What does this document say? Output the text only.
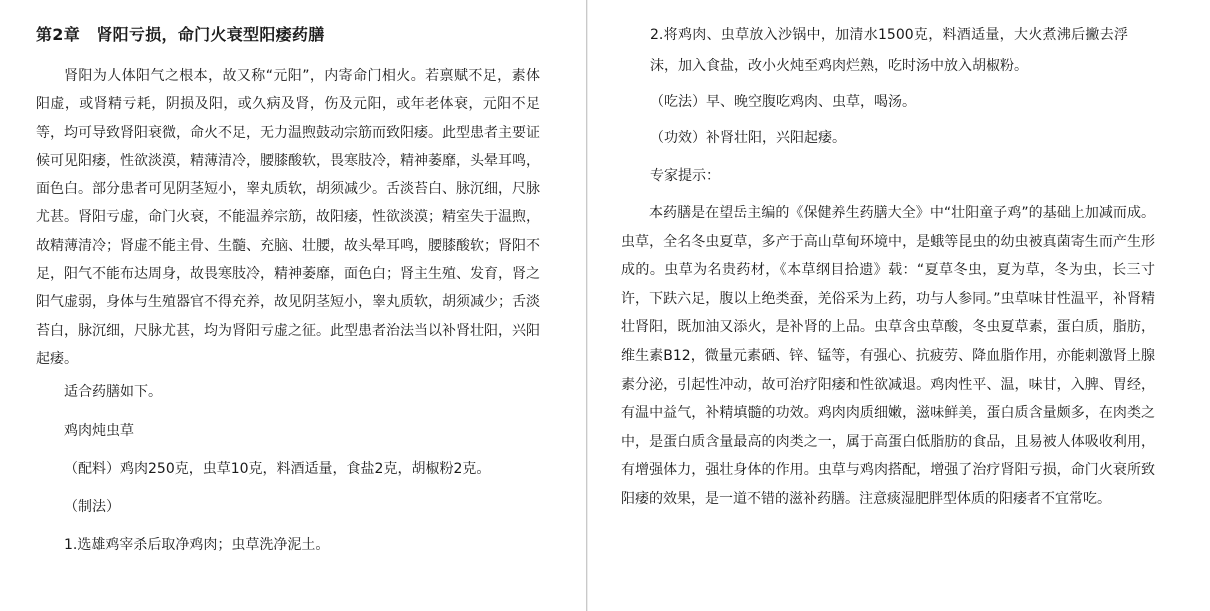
第2章　肾阳亏损，命门火衰型阳痿药膳

肾阳为人体阳气之根本，故又称“元阳”，内寄命门相火。若禀赋不足，素体阳虚，或肾精亏耗，阴损及阳，或久病及肾，伤及元阳，或年老体衰，元阳不足等，均可导致肾阳衰微，命火不足，无力温煦鼓动宗筋而致阳痿。此型患者主要证候可见阳痿，性欲淡漠，精薄清冷，腰膝酸软，畏寒肢冷，精神萎靡，头晕耳鸣，面色白。部分患者可见阴茎短小，睾丸质软，胡须减少。舌淡苔白、脉沉细，尺脉尤甚。肾阳亏虚，命门火衰，不能温养宗筋，故阳痿，性欲淡漠；精室失于温煦，故精薄清冷；肾虚不能主骨、生髓、充脑、壮腰，故头晕耳鸣，腰膝酸软；肾阳不足，阳气不能布达周身，故畏寒肢冷，精神萎靡，面色白；肾主生殖、发育，肾之阳气虚弱，身体与生殖器官不得充养，故见阴茎短小，睾丸质软，胡须减少；舌淡苔白，脉沉细，尺脉尤甚，均为肾阳亏虚之征。此型患者治法当以补肾壮阳，兴阳起痿。

适合药膳如下。

鸡肉炖虫草

（配料）鸡肉250克，虫草10克，料酒适量，食盐2克，胡椒粉2克。

（制法）

1.选雄鸡宰杀后取净鸡肉；虫草洗净泥土。

2.将鸡肉、虫草放入沙锅中，加清水1500克，料酒适量，大火煮沸后撇去浮沫，加入食盐，改小火炖至鸡肉烂熟，吃时汤中放入胡椒粉。

（吃法）早、晚空腹吃鸡肉、虫草，喝汤。

（功效）补肾壮阳，兴阳起痿。

专家提示：

本药膳是在望岳主编的《保健养生药膳大全》中“壮阳童子鸡”的基础上加减而成。虫草，全名冬虫夏草，多产于高山草甸环境中，是蛾等昆虫的幼虫被真菌寄生而产生形成的。虫草为名贵药材，《本草纲目拾遗》载：“夏草冬虫，夏为草，冬为虫，长三寸许，下趺六足，腹以上绝类蚕，羌俗采为上药，功与人参同。”虫草味甘性温平，补肾精壮肾阳，既加油又添火，是补肾的上品。虫草含虫草酸，冬虫夏草素，蛋白质，脂肪，维生素B12，微量元素硒、锌、锰等，有强心、抗疲劳、降血脂作用，亦能刺激肾上腺素分泌，引起性冲动，故可治疗阳痿和性欲减退。鸡肉性平、温，味甘，入脾、胃经，有温中益气，补精填髓的功效。鸡肉肉质细嫩，滋味鲜美，蛋白质含量颇多，在肉类之中，是蛋白质含量最高的肉类之一，属于高蛋白低脂肪的食品，且易被人体吸收利用，有增强体力，强壮身体的作用。虫草与鸡肉搭配，增强了治疗肾阳亏损，命门火衰所致阳痿的效果，是一道不错的滋补药膳。注意痰湿肥胖型体质的阳痿者不宜常吃。
